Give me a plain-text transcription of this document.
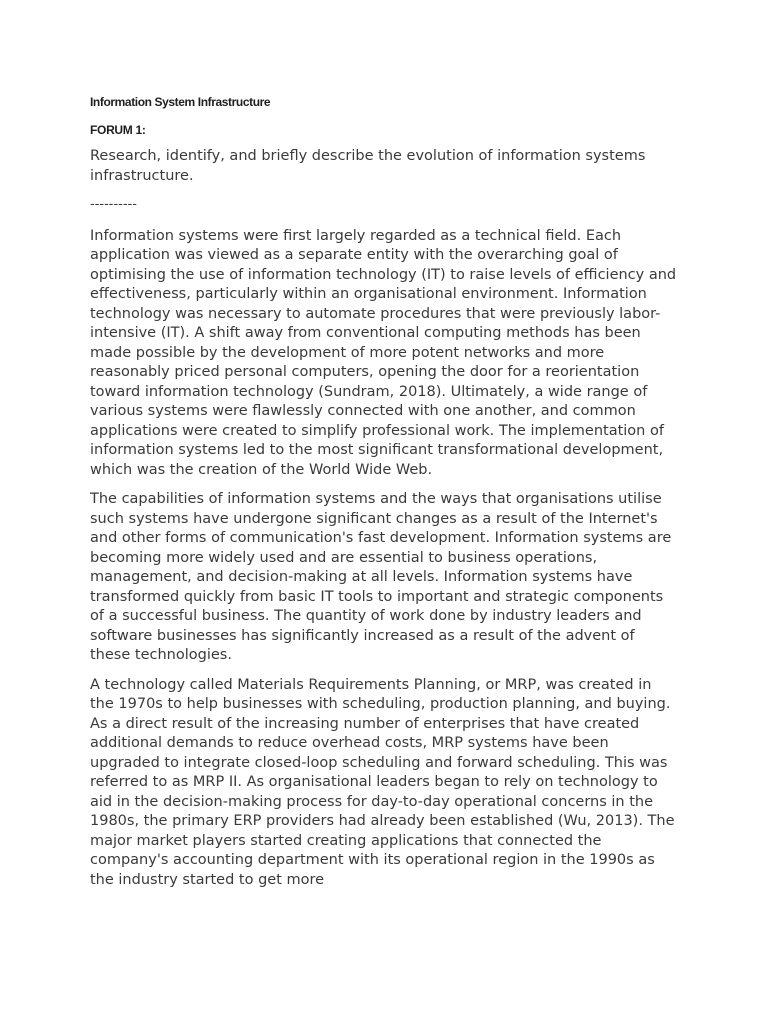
Information System Infrastructure

FORUM 1:

Research, identify, and briefly describe the evolution of information systems infrastructure.

----------

Information systems were first largely regarded as a technical field. Each application was viewed as a separate entity with the overarching goal of optimising the use of information technology (IT) to raise levels of efficiency and effectiveness, particularly within an organisational environment. Information technology was necessary to automate procedures that were previously labor-intensive (IT). A shift away from conventional computing methods has been made possible by the development of more potent networks and more reasonably priced personal computers, opening the door for a reorientation toward information technology (Sundram, 2018). Ultimately, a wide range of various systems were flawlessly connected with one another, and common applications were created to simplify professional work. The implementation of information systems led to the most significant transformational development, which was the creation of the World Wide Web.

The capabilities of information systems and the ways that organisations utilise such systems have undergone significant changes as a result of the Internet's and other forms of communication's fast development. Information systems are becoming more widely used and are essential to business operations, management, and decision-making at all levels. Information systems have transformed quickly from basic IT tools to important and strategic components of a successful business. The quantity of work done by industry leaders and software businesses has significantly increased as a result of the advent of these technologies.

A technology called Materials Requirements Planning, or MRP, was created in the 1970s to help businesses with scheduling, production planning, and buying. As a direct result of the increasing number of enterprises that have created additional demands to reduce overhead costs, MRP systems have been upgraded to integrate closed-loop scheduling and forward scheduling. This was referred to as MRP II. As organisational leaders began to rely on technology to aid in the decision-making process for day-to-day operational concerns in the 1980s, the primary ERP providers had already been established (Wu, 2013). The major market players started creating applications that connected the company's accounting department with its operational region in the 1990s as the industry started to get more
